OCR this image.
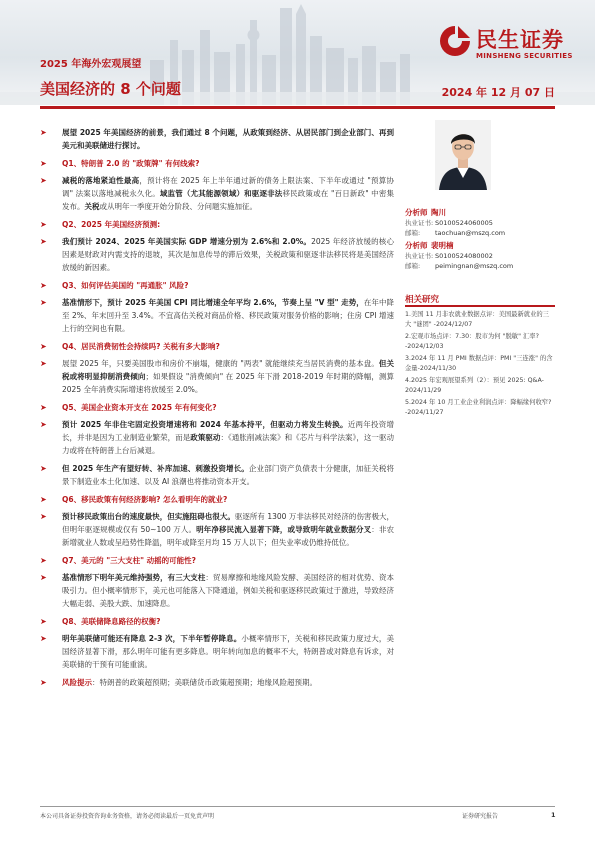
民生证券
MINSHENG SECURITIES
2025 年海外宏观展望
美国经济的 8 个问题	2024 年 12 月 07 日
➤ 展望 2025 年美国经济的前景，我们通过 8 个问题，从政策到经济、从居民部门到企业部门、再到美元和美联储进行探讨。
➤ Q1、特朗普 2.0 的 "政策牌" 有何线索?
➤ 减税的落地紧迫性最高，预计将在 2025 年上半年通过新的债务上限法案、下半年或通过 "预算协调" 法案以落地减税永久化。域监管（尤其能源领域）和驱逐非法移民政策或在 "百日新政" 中密集发布。关税或从明年一季度开始分阶段、分问题实施加征。
➤ Q2、2025 年美国经济预测:
➤ 我们预计 2024、2025 年美国实际 GDP 增速分别为 2.6%和 2.0%。2025 年经济放缓的核心因素是财政对内需支持的退坡，其次是加息传导的滞后效果，关税政策和驱逐非法移民将是美国经济放缓的新因素。
➤ Q3、如何评估美国的 "再通胀" 风险?
➤ 基准情形下，预计 2025 年美国 CPI 同比增速全年平均 2.6%，节奏上呈 "V 型" 走势，在年中降至 2%、年末回升至 3.4%。不宜高估关税对商品价格、移民政策对服务价格的影响；住房 CPI 增速上行的空间也有限。
➤ Q4、居民消费韧性会持续吗? 关税有多大影响?
➤ 展望 2025 年，只要美国股市和房价不崩塌，健康的 "两表" 就能继续充当居民消费的基本盘。但关税或将明显抑制消费倾向；如果假设 "消费倾向" 在 2025 年下滑 2018-2019 年时期的降幅，测算 2025 全年消费实际增速将放缓至 2.0%。
➤ Q5、美国企业资本开支在 2025 年有何变化?
➤ 预计 2025 年非住宅固定投资增速将和 2024 年基本持平，但驱动力将发生转换。近两年投资增长，并非是因为工业制造业繁荣，而是政策驱动：《通胀削减法案》和《芯片与科学法案》，这一驱动力或将在特朗普上台后减退。
➤ 但 2025 年生产有望好转、补库加速、刺激投资增长。企业部门资产负债表十分健康，加征关税将景下制造业本土化加速、以及 AI 浪潮也将推动资本开支。
➤ Q6、移民政策有何经济影响? 怎么看明年的就业?
➤ 预计移民政策出台的速度最快，但实施阻碍也很大。驱逐所有 1300 万非法移民对经济的伤害极大，但明年驱逐规模或仅有 50~100 万人。明年净移民流入显著下降，或导致明年就业数据分叉：非农新增就业人数或呈趋势性降温，明年或降至月均 15 万人以下；但失业率或仍维持低位。
➤ Q7、美元的 "三大支柱" 动摇的可能性?
➤ 基准情形下明年美元维持强势，有三大支柱：贸易摩擦和地缘风险发酵、美国经济的相对优势、资本吸引力。但小概率情形下，美元也可能落入下降通道，例如关税和驱逐移民政策过于激进，导致经济大幅走弱、美股大跌、加速降息。
➤ Q8、美联储降息路径的权衡?
➤ 明年美联储可能还有降息 2-3 次，下半年暂停降息。小概率情形下，关税和移民政策力度过大，美国经济显著下滑，那么明年可能有更多降息。明年转向加息的概率不大，特朗普或对降息有诉求，对美联储的干预有可能重演。
➤ 风险提示：特朗普的政策超预期；美联储货币政策超预期；地缘风险超预期。
分析师 陶川
执业证书: S0100524060005
邮箱:	taochuan@mszq.com
分析师 裴明楠
执业证书: S0100524080002
邮箱:	peimingnan@mszq.com
相关研究
1.美国 11 月非农就业数据点评：美国最新就业的三大 "谜团" -2024/12/07
2.宏观市场点评：7.30：股市为何 "脱敏" 汇率? -2024/12/03
3.2024 年 11 月 PMI 数据点评：PMI "三连涨" 的含金量-2024/11/30
4.2025 年宏观展望系列（2）：预见 2025: Q&A-2024/11/29
5.2024 年 10 月工业企业利润点评：降幅缘何收窄? -2024/11/27
本公司具备证券投资咨询业务资格，请务必阅读最后一页免责声明	证券研究报告	1
